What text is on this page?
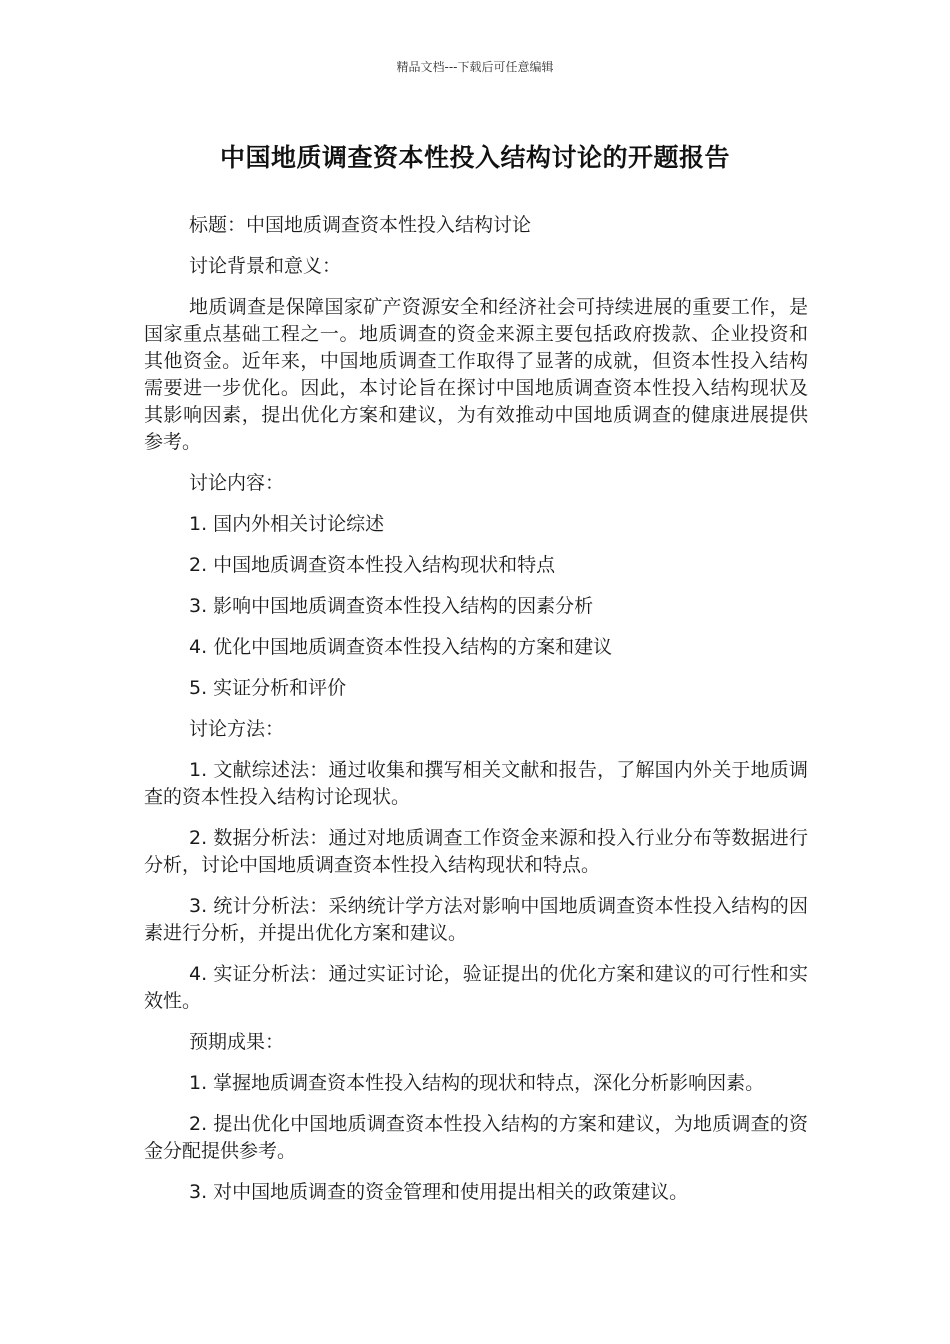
精品文档---下载后可任意编辑
中国地质调查资本性投入结构讨论的开题报告

标题：中国地质调查资本性投入结构讨论

讨论背景和意义：

地质调查是保障国家矿产资源安全和经济社会可持续进展的重要工作，是国家重点基础工程之一。地质调查的资金来源主要包括政府拨款、企业投资和其他资金。近年来，中国地质调查工作取得了显著的成就，但资本性投入结构需要进一步优化。因此，本讨论旨在探讨中国地质调查资本性投入结构现状及其影响因素，提出优化方案和建议，为有效推动中国地质调查的健康进展提供参考。

讨论内容：

1. 国内外相关讨论综述

2. 中国地质调查资本性投入结构现状和特点

3. 影响中国地质调查资本性投入结构的因素分析

4. 优化中国地质调查资本性投入结构的方案和建议

5. 实证分析和评价

讨论方法：

1. 文献综述法：通过收集和撰写相关文献和报告，了解国内外关于地质调查的资本性投入结构讨论现状。

2. 数据分析法：通过对地质调查工作资金来源和投入行业分布等数据进行分析，讨论中国地质调查资本性投入结构现状和特点。

3. 统计分析法：采纳统计学方法对影响中国地质调查资本性投入结构的因素进行分析，并提出优化方案和建议。

4. 实证分析法：通过实证讨论，验证提出的优化方案和建议的可行性和实效性。

预期成果：

1. 掌握地质调查资本性投入结构的现状和特点，深化分析影响因素。

2. 提出优化中国地质调查资本性投入结构的方案和建议，为地质调查的资金分配提供参考。

3. 对中国地质调查的资金管理和使用提出相关的政策建议。
